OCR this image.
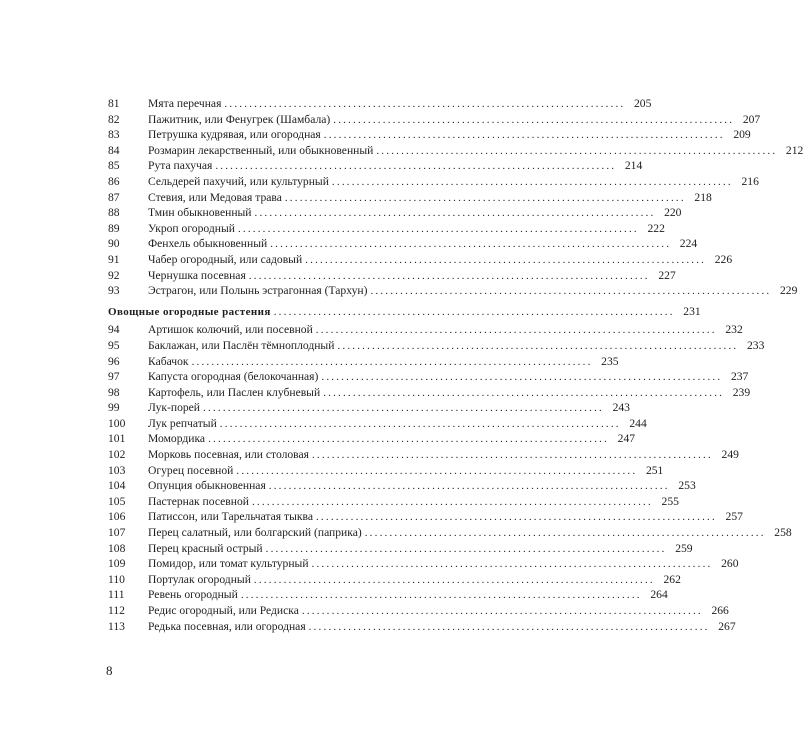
81	Мята перечная ................................................................................. 205
82	Пажитник, или Фенугрек (Шамбала) ................................................................................. 207
83	Петрушка кудрявая, или огородная ................................................................................. 209
84	Розмарин лекарственный, или обыкновенный ................................................................................. 212
85	Рута пахучая ................................................................................. 214
86	Сельдерей пахучий, или культурный ................................................................................. 216
87	Стевия, или Медовая трава ................................................................................. 218
88	Тмин обыкновенный ................................................................................. 220
89	Укроп огородный ................................................................................. 222
90	Фенхель обыкновенный ................................................................................. 224
91	Чабер огородный, или садовый ................................................................................. 226
92	Чернушка посевная ................................................................................. 227
93	Эстрагон, или Полынь эстрагонная (Тархун) ................................................................................. 229
Овощные огородные растения ................................................................................. 231
94	Артишок колючий, или посевной ................................................................................. 232
95	Баклажан, или Паслён тёмноплодный ................................................................................. 233
96	Кабачок ................................................................................. 235
97	Капуста огородная (белокочанная) ................................................................................. 237
98	Картофель, или Паслен клубневый ................................................................................. 239
99	Лук-порей ................................................................................. 243
100	Лук репчатый ................................................................................. 244
101	Момордика ................................................................................. 247
102	Морковь посевная, или столовая ................................................................................. 249
103	Огурец посевной ................................................................................. 251
104	Опунция обыкновенная ................................................................................. 253
105	Пастернак посевной ................................................................................. 255
106	Патиссон, или Тарельчатая тыква ................................................................................. 257
107	Перец салатный, или болгарский (паприка) ................................................................................. 258
108	Перец красный острый ................................................................................. 259
109	Помидор, или томат культурный ................................................................................. 260
110	Портулак огородный ................................................................................. 262
111	Ревень огородный ................................................................................. 264
112	Редис огородный, или Редиска ................................................................................. 266
113	Редька посевная, или огородная ................................................................................. 267
8
